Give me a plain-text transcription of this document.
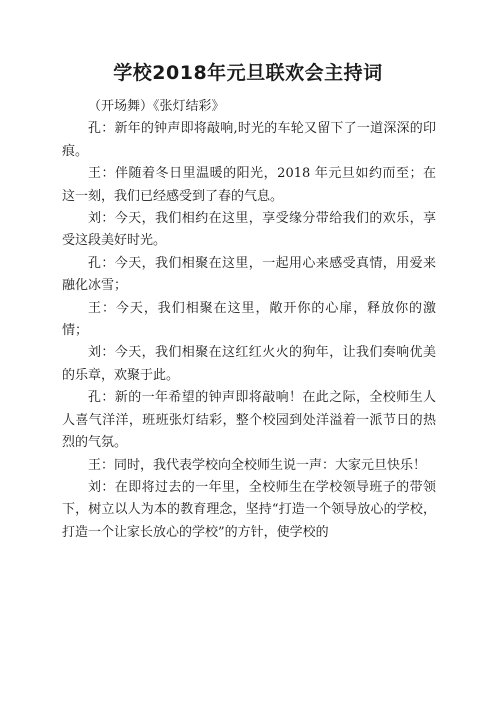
学校2018年元旦联欢会主持词

（开场舞）《张灯结彩》

孔：新年的钟声即将敲响,时光的车轮又留下了一道深深的印痕。

王：伴随着冬日里温暖的阳光，2018 年元旦如约而至；在这一刻，我们已经感受到了春的气息。

刘：今天，我们相约在这里，享受缘分带给我们的欢乐，享受这段美好时光。

孔：今天，我们相聚在这里，一起用心来感受真情，用爱来融化冰雪；

王：今天，我们相聚在这里，敞开你的心扉，释放你的激情；

刘：今天，我们相聚在这红红火火的狗年，让我们奏响优美的乐章，欢聚于此。

孔：新的一年希望的钟声即将敲响！在此之际，全校师生人人喜气洋洋，班班张灯结彩，整个校园到处洋溢着一派节日的热烈的气氛。

王：同时，我代表学校向全校师生说一声：大家元旦快乐！

刘：在即将过去的一年里，全校师生在学校领导班子的带领下，树立以人为本的教育理念，坚持“打造一个领导放心的学校，打造一个让家长放心的学校”的方针，使学校的
